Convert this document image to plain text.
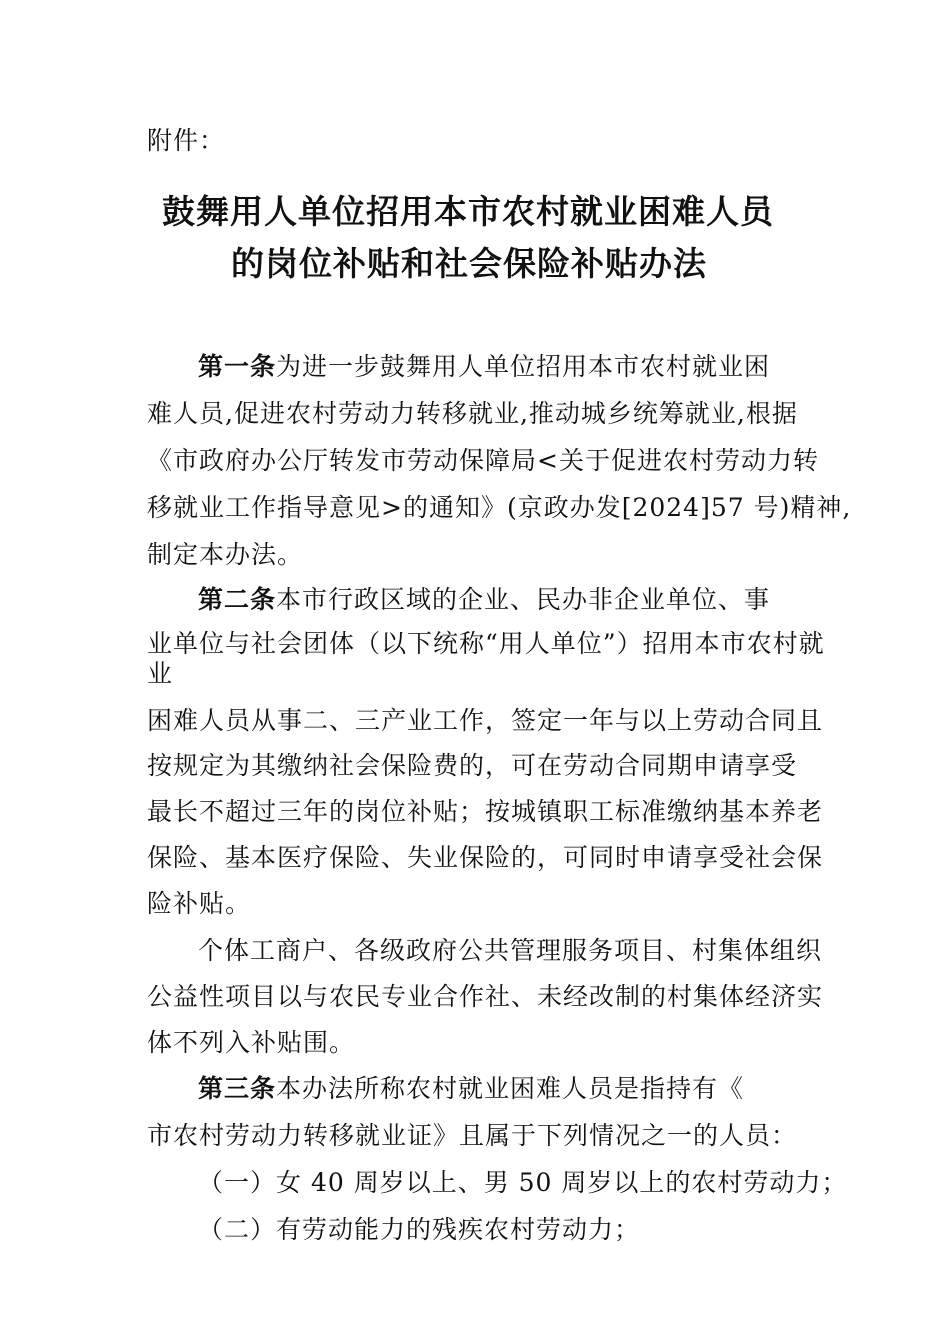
附件：
鼓舞用人单位招用本市农村就业困难人员
的岗位补贴和社会保险补贴办法
第一条为进一步鼓舞用人单位招用本市农村就业困
难人员,促进农村劳动力转移就业,推动城乡统筹就业,根据
《市政府办公厅转发市劳动保障局<关于促进农村劳动力转
移就业工作指导意见>的通知》(京政办发[2024]57 号)精神,
制定本办法。
第二条本市行政区域的企业、民办非企业单位、事
业单位与社会团体（以下统称“用人单位”）招用本市农村就
业
困难人员从事二、三产业工作，签定一年与以上劳动合同且
按规定为其缴纳社会保险费的，可在劳动合同期申请享受
最长不超过三年的岗位补贴；按城镇职工标准缴纳基本养老
保险、基本医疗保险、失业保险的，可同时申请享受社会保
险补贴。
个体工商户、各级政府公共管理服务项目、村集体组织
公益性项目以与农民专业合作社、未经改制的村集体经济实
体不列入补贴围。
第三条本办法所称农村就业困难人员是指持有《
市农村劳动力转移就业证》且属于下列情况之一的人员：
（一）女 40 周岁以上、男 50 周岁以上的农村劳动力；
（二）有劳动能力的残疾农村劳动力；
